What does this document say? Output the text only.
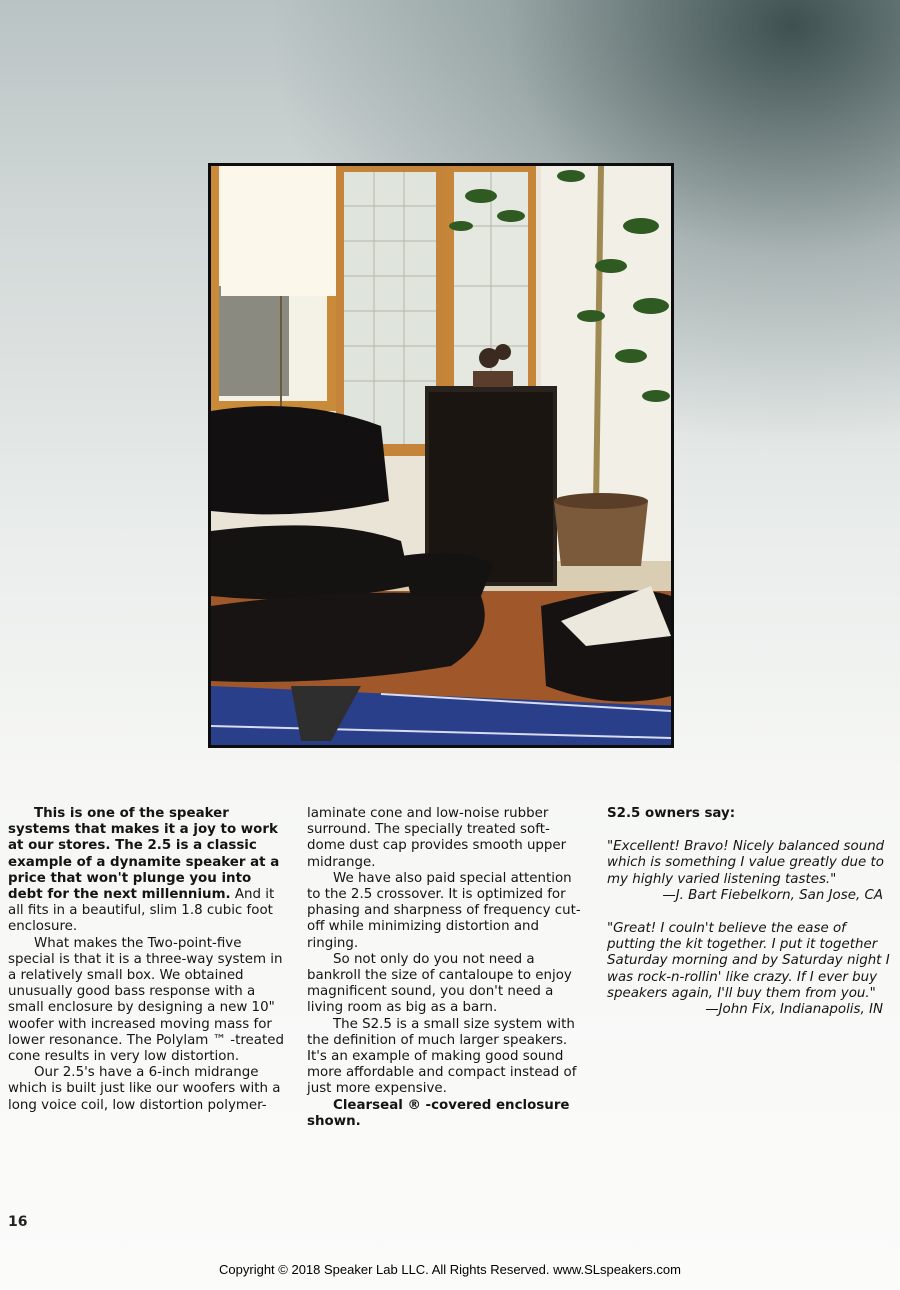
This is one of the speaker systems that makes it a joy to work at our stores. The 2.5 is a classic example of a dynamite speaker at a price that won't plunge you into debt for the next millennium. And it all fits in a beautiful, slim 1.8 cubic foot enclosure.

What makes the Two-point-five special is that it is a three-way system in a relatively small box. We obtained unusually good bass response with a small enclosure by designing a new 10" woofer with increased moving mass for lower resonance. The Polylam ™ -treated cone results in very low distortion.

Our 2.5's have a 6-inch midrange which is built just like our woofers with a long voice coil, low distortion polymer-

laminate cone and low-noise rubber surround. The specially treated soft-dome dust cap provides smooth upper midrange.

We have also paid special attention to the 2.5 crossover. It is optimized for phasing and sharpness of frequency cut-off while minimizing distortion and ringing.

So not only do you not need a bankroll the size of cantaloupe to enjoy magnificent sound, you don't need a living room as big as a barn.

The S2.5 is a small size system with the definition of much larger speakers. It's an example of making good sound more affordable and compact instead of just more expensive.

Clearseal ® -covered enclosure shown.

S2.5 owners say:

"Excellent! Bravo! Nicely balanced sound which is something I value greatly due to my highly varied listening tastes."

—J. Bart Fiebelkorn, San Jose, CA

"Great! I couln't believe the ease of putting the kit together. I put it together Saturday morning and by Saturday night I was rock-n-rollin' like crazy. If I ever buy speakers again, I'll buy them from you."

—John Fix, Indianapolis, IN

16
Copyright © 2018 Speaker Lab LLC. All Rights Reserved. www.SLspeakers.com
